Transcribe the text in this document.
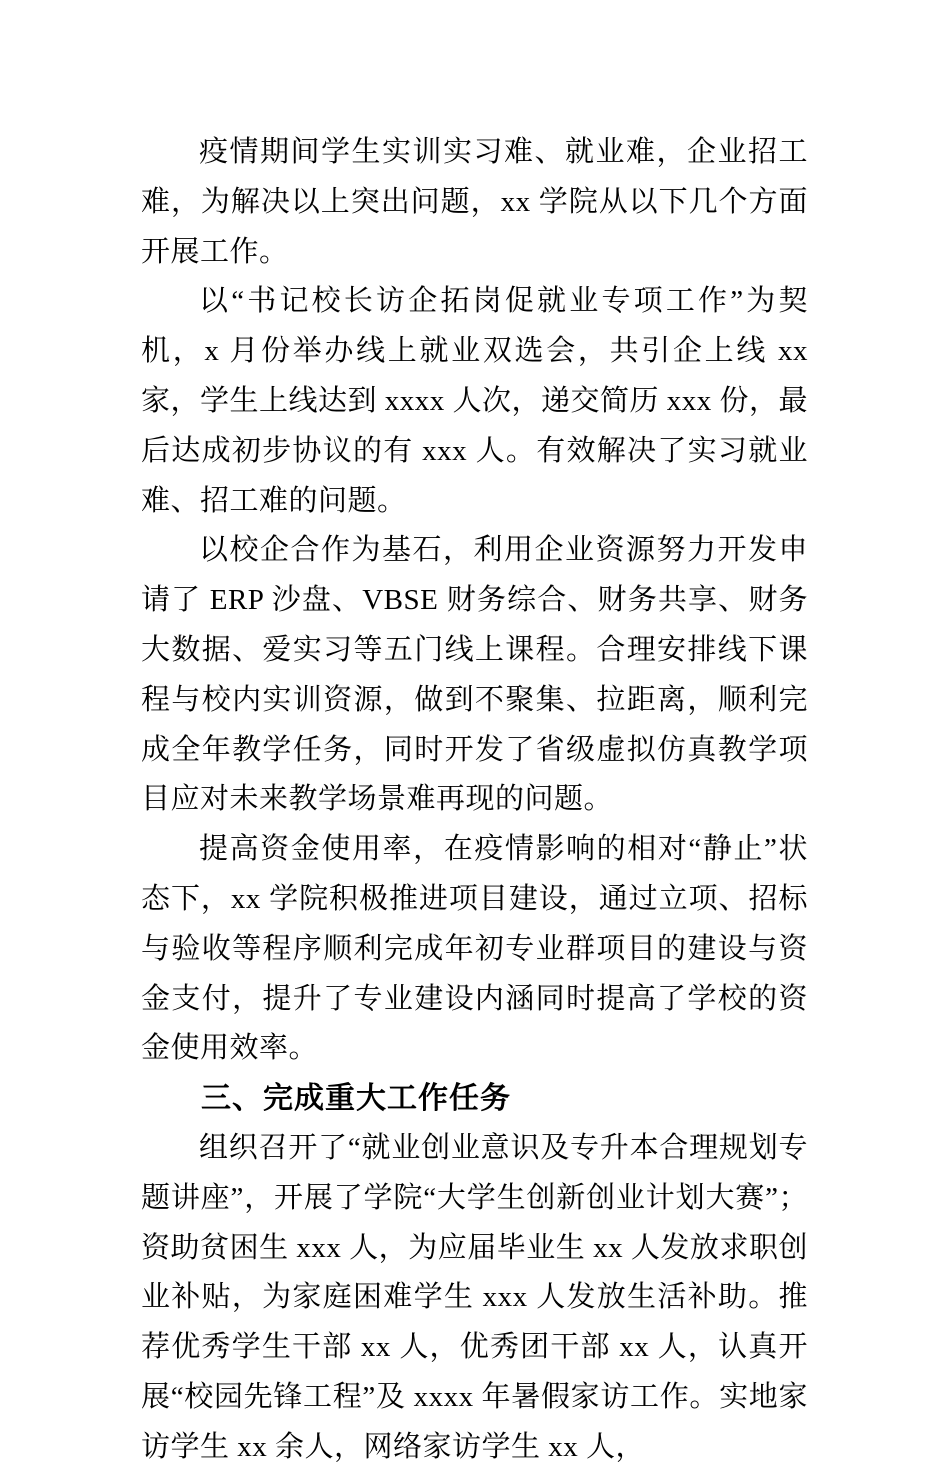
疫情期间学生实训实习难、就业难，企业招工难，为解决以上突出问题，xx 学院从以下几个方面开展工作。

以“书记校长访企拓岗促就业专项工作”为契机，x 月份举办线上就业双选会，共引企上线 xx 家，学生上线达到 xxxx 人次，递交简历 xxx 份，最后达成初步协议的有 xxx 人。有效解决了实习就业难、招工难的问题。

以校企合作为基石，利用企业资源努力开发申请了 ERP 沙盘、VBSE 财务综合、财务共享、财务大数据、爱实习等五门线上课程。合理安排线下课程与校内实训资源，做到不聚集、拉距离，顺利完成全年教学任务，同时开发了省级虚拟仿真教学项目应对未来教学场景难再现的问题。

提高资金使用率，在疫情影响的相对“静止”状态下，xx 学院积极推进项目建设，通过立项、招标与验收等程序顺利完成年初专业群项目的建设与资金支付，提升了专业建设内涵同时提高了学校的资金使用效率。

三、完成重大工作任务

组织召开了“就业创业意识及专升本合理规划专题讲座”，开展了学院“大学生创新创业计划大赛”；资助贫困生 xxx 人，为应届毕业生 xx 人发放求职创业补贴，为家庭困难学生 xxx 人发放生活补助。推荐优秀学生干部 xx 人，优秀团干部 xx 人，认真开展“校园先锋工程”及 xxxx 年暑假家访工作。实地家访学生 xx 余人，网络家访学生 xx 人，
